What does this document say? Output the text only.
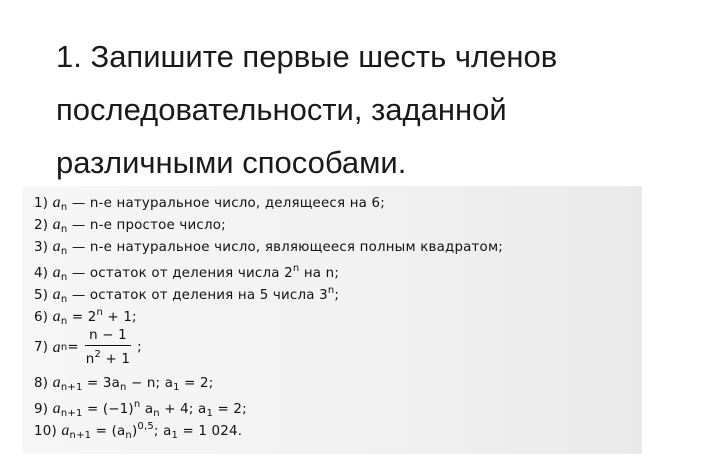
1. Запишите первые шесть членов
последовательности, заданной
различными способами.

1) $a_n$ — n-е натуральное число, делящееся на 6;
2) $a_n$ — n-е простое число;
3) $a_n$ — n-е натуральное число, являющееся полным квадратом;
4) $a_n$ — остаток от деления числа 2$^n$ на n;
5) $a_n$ — остаток от деления на 5 числа 3$^n$;
6) $a_n = 2^n + 1$;
7)
a $n = \frac{n - 1}{n^2 + 1}$ ;
8) $a_{n+1} = 3a_n - n$; $a_1 = 2$;
9) $a_{n+1} = (-1)^n$ $a_n + 4$; $a_1 = 2$;
10) $a_{n+1} = (a_n)^{0,5}$; $a_1 = 1$ 024.
